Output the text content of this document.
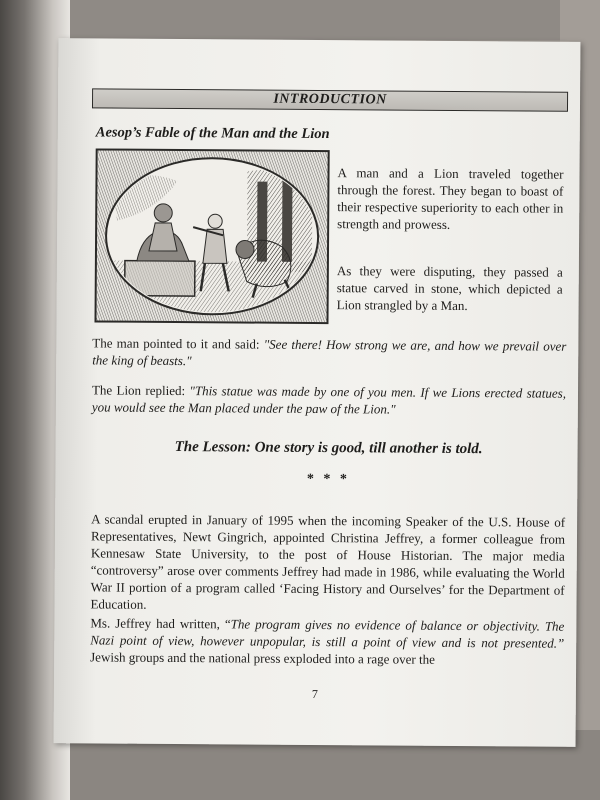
INTRODUCTION
Aesop’s Fable of the Man and the Lion
A man and a Lion traveled together through the forest. They began to boast of their respective superiority to each other in strength and prowess.
As they were disputing, they passed a statue carved in stone, which depicted a Lion strangled by a Man.
The man pointed to it and said: "See there! How strong we are, and how we prevail over the king of beasts."
The Lion replied: "This statue was made by one of you men. If we Lions erected statues, you would see the Man placed under the paw of the Lion."
The Lesson: One story is good, till another is told.
* * *
A scandal erupted in January of 1995 when the incoming Speaker of the U.S. House of Representatives, Newt Gingrich, appointed Christina Jeffrey, a former colleague from Kennesaw State University, to the post of House Historian. The major media “controversy” arose over comments Jeffrey had made in 1986, while evaluating the World War II portion of a program called ‘Facing History and Ourselves’ for the Department of Education.
Ms. Jeffrey had written, “The program gives no evidence of balance or objectivity. The Nazi point of view, however unpopular, is still a point of view and is not presented.” Jewish groups and the national press exploded into a rage over the
7
